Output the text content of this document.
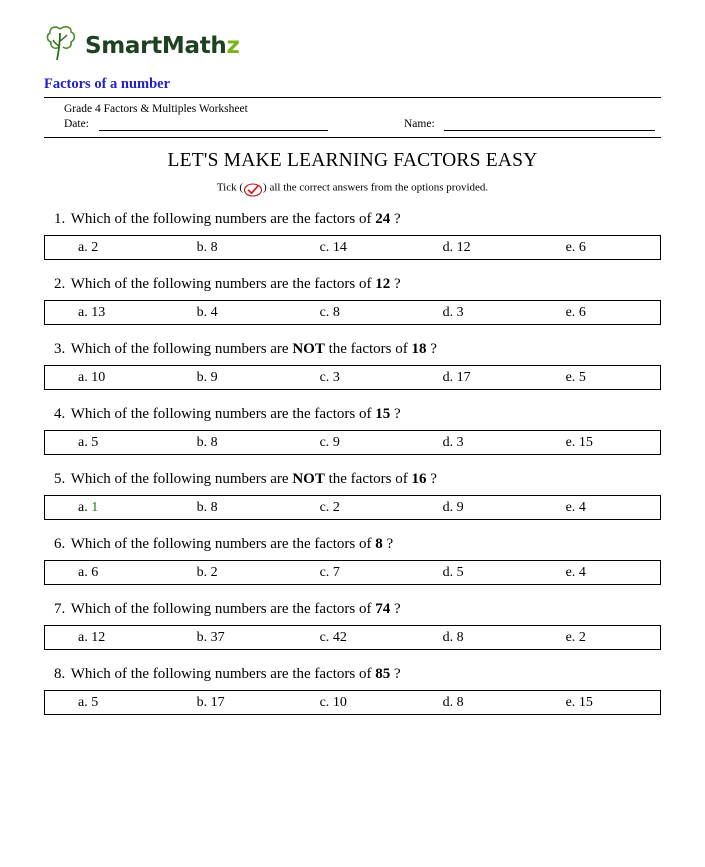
SmartMathz
Factors of a number
Grade 4 Factors & Multiples Worksheet
Date:	Name:
LET'S MAKE LEARNING FACTORS EASY
Tick ( ) all the correct answers from the options provided.
1. Which of the following numbers are the factors of 24 ?
a. 2	b. 8	c. 14	d. 12	e. 6
2. Which of the following numbers are the factors of 12 ?
a. 13	b. 4	c. 8	d. 3	e. 6
3. Which of the following numbers are NOT the factors of 18 ?
a. 10	b. 9	c. 3	d. 17	e. 5
4. Which of the following numbers are the factors of 15 ?
a. 5	b. 8	c. 9	d. 3	e. 15
5. Which of the following numbers are NOT the factors of 16 ?
a. 1	b. 8	c. 2	d. 9	e. 4
6. Which of the following numbers are the factors of 8 ?
a. 6	b. 2	c. 7	d. 5	e. 4
7. Which of the following numbers are the factors of 74 ?
a. 12	b. 37	c. 42	d. 8	e. 2
8. Which of the following numbers are the factors of 85 ?
a. 5	b. 17	c. 10	d. 8	e. 15
